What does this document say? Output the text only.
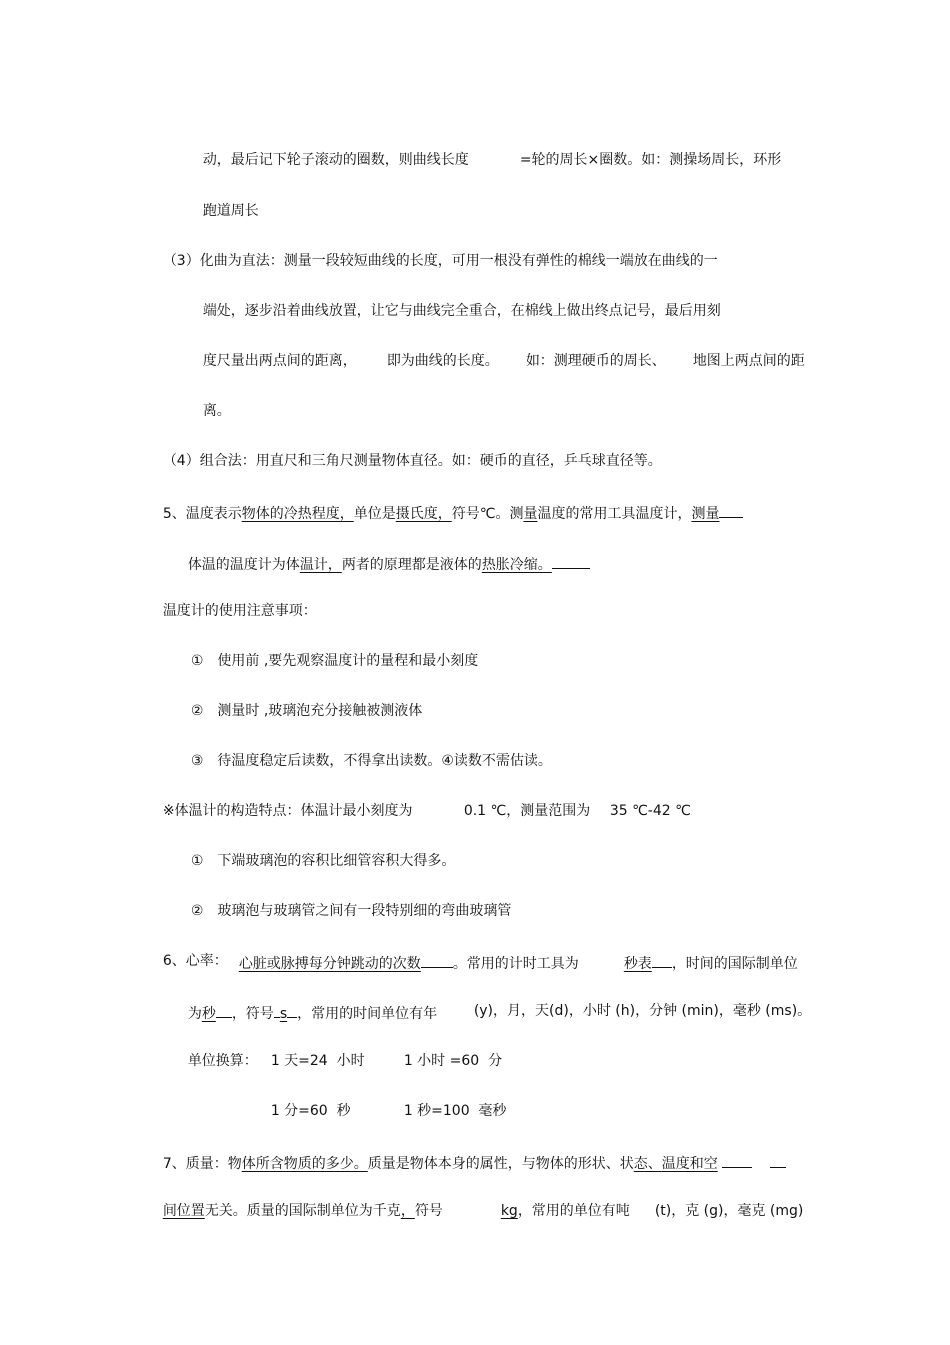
动，最后记下轮子滚动的圈数，则曲线长度
	=轮的周长×圈数。如：测操场周长，环形

跑道周长

（3）化曲为直法：测量一段较短曲线的长度，可用一根没有弹性的棉线一端放在曲线的一

端处，逐步沿着曲线放置，让它与曲线完全重合，在棉线上做出终点记号，最后用刻

度尺量出两点间的距离，
	即为曲线的长度。
	如：测理硬币的周长、
	地图上两点间的距

离。

（4）组合法：用直尺和三角尺测量物体直径。如：硬币的直径，乒乓球直径等。

5、温度表示物体的冷热程度，单位是摄氏度，符号℃。测量温度的常用工具温度计，测量

体温的温度计为体温计，两者的原理都是液体的热胀冷缩。

温度计的使用注意事项：

①　使用前 ,要先观察温度计的量程和最小刻度

②　测量时 ,玻璃泡充分接触被测液体

③　待温度稳定后读数，不得拿出读数。④读数不需估读。

※体温计的构造特点：体温计最小刻度为
	0.1 ℃，测量范围为
	35 ℃-42 ℃

①　下端玻璃泡的容积比细管容积大得多。

②　玻璃泡与玻璃管之间有一段特别细的弯曲玻璃管

6、心率：
心脏或脉搏每分钟跳动的次数 。常用的计时工具为
	秒表 ，时间的国际制单位

为秒 ，符号 s ，常用的时间单位有年
	(y)，月，天(d)，小时 (h)，分钟 (min)，毫秒 (ms)。

单位换算：
1 天=24  小时
	1 小时 =60  分

1 分=60  秒
	1 秒=100  毫秒

7、质量：物体所含物质的多少。质量是物体本身的属性，与物体的形状、状态、温度和空

间位置无关。质量的国际制单位为千克，符号
	kg，常用的单位有吨
	(t)，克 (g)，毫克 (mg)
